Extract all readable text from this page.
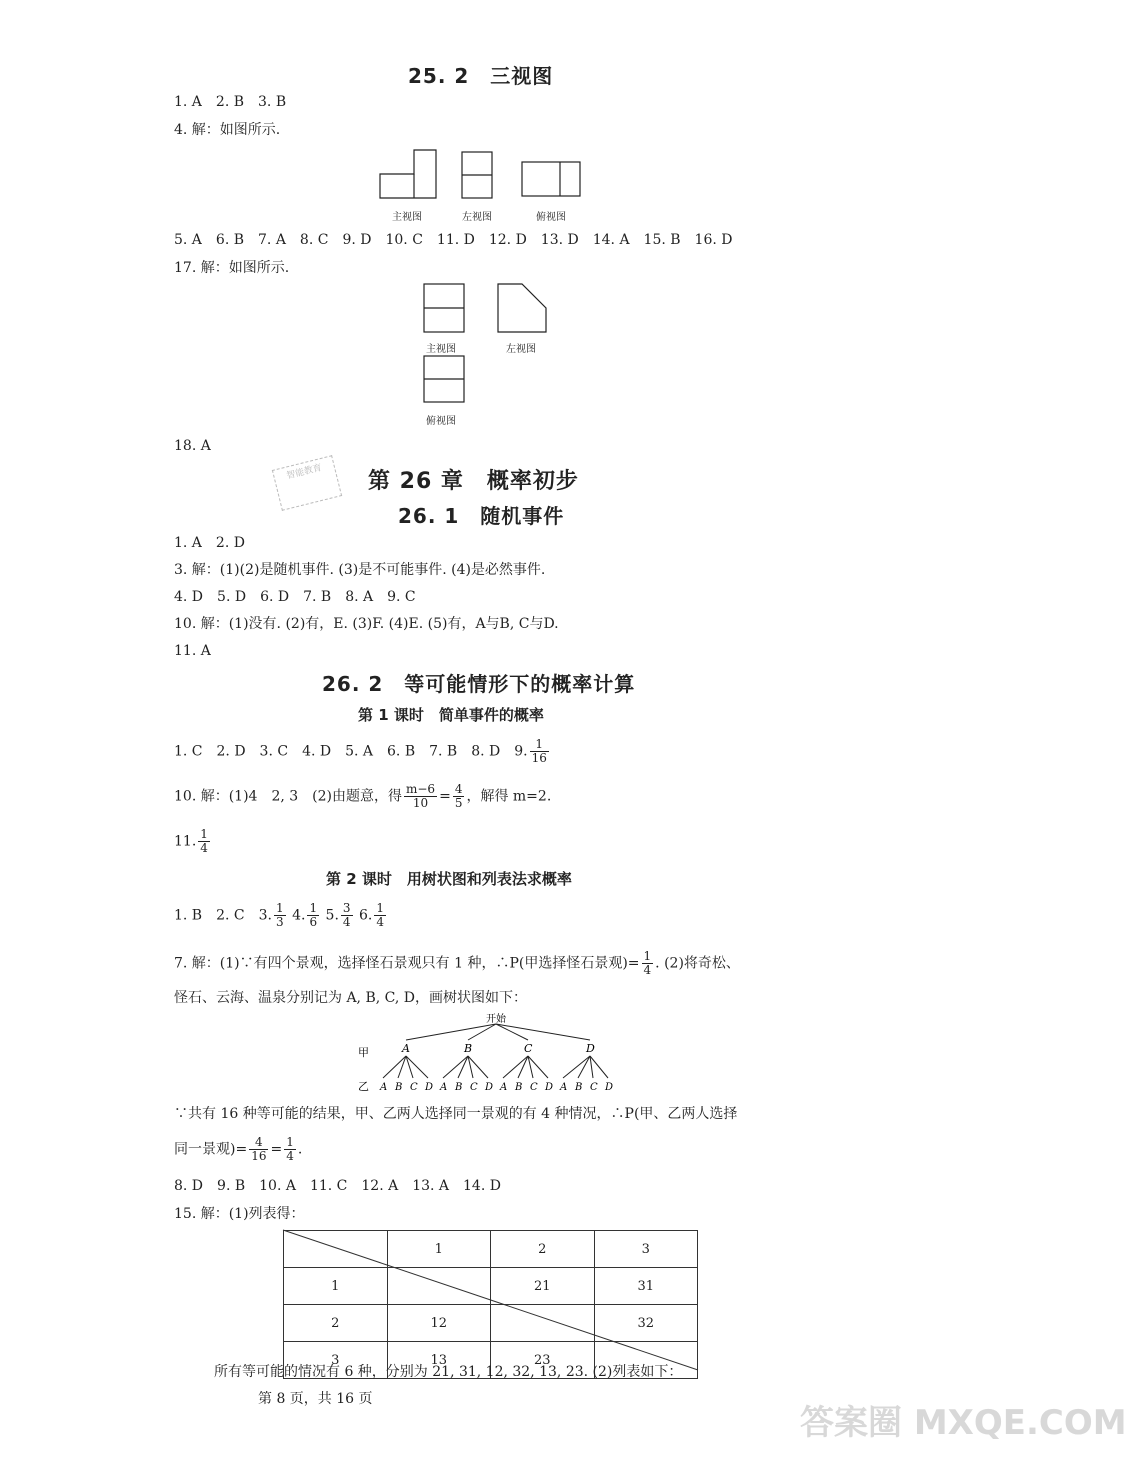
25. 2　三视图
1. A　2. B　3. B
4. 解：如图所示.
主视图	左视图	俯视图
5. A　6. B　7. A　8. C　9. D　10. C　11. D　12. D　13. D　14. A　15. B　16. D
17. 解：如图所示.
主视图	左视图
俯视图
18. A
智能教育	第 26 章　概率初步
26. 1　随机事件
1. A　2. D
3. 解：(1)(2)是随机事件. (3)是不可能事件. (4)是必然事件.
4. D　5. D　6. D　7. B　8. A　9. C
10. 解：(1)没有. (2)有，E. (3)F. (4)E. (5)有，A与B, C与D.
11. A
26. 2　等可能情形下的概率计算
第 1 课时　简单事件的概率
1. C　2. D　3. C　4. D　5. A　6. B　7. B　8. D　9. $\frac{1}{16}$
10. 解：(1)4　2, 3　(2)由题意，得 $\frac{m-6}{10} = \frac{4}{5}$ ，解得 m=2.
11. $\frac{1}{4}$
第 2 课时　用树状图和列表法求概率
1. B　2. C　3. $\frac{1}{3} 4$. $\frac{1}{6} 5$. $\frac{3}{4} 6$. $\frac{1}{4}$
7. 解：(1)∵有四个景观，选择怪石景观只有 1 种，∴P(甲选择怪石景观)= $\frac{1}{4}$ . (2)将奇松、
怪石、云海、温泉分别记为 A, B, C, D，画树状图如下：
开始
甲
乙
A	B	C	D
A B C D A B C D A B C D A B C D
∵共有 16 种等可能的结果，甲、乙两人选择同一景观的有 4 种情况，∴P(甲、乙两人选择
同一景观)= $\frac{4}{16} = \frac{1}{4}$ .
8. D　9. B　10. A　11. C　12. A　13. A　14. D
15. 解：(1)列表得：
	1	2	3
1		21	31
2	12		32
3	13	23	
所有等可能的情况有 6 种，分别为 21, 31, 12, 32, 13, 23. (2)列表如下：
第 8 页，共 16 页
答案圈 MXQE.COM
